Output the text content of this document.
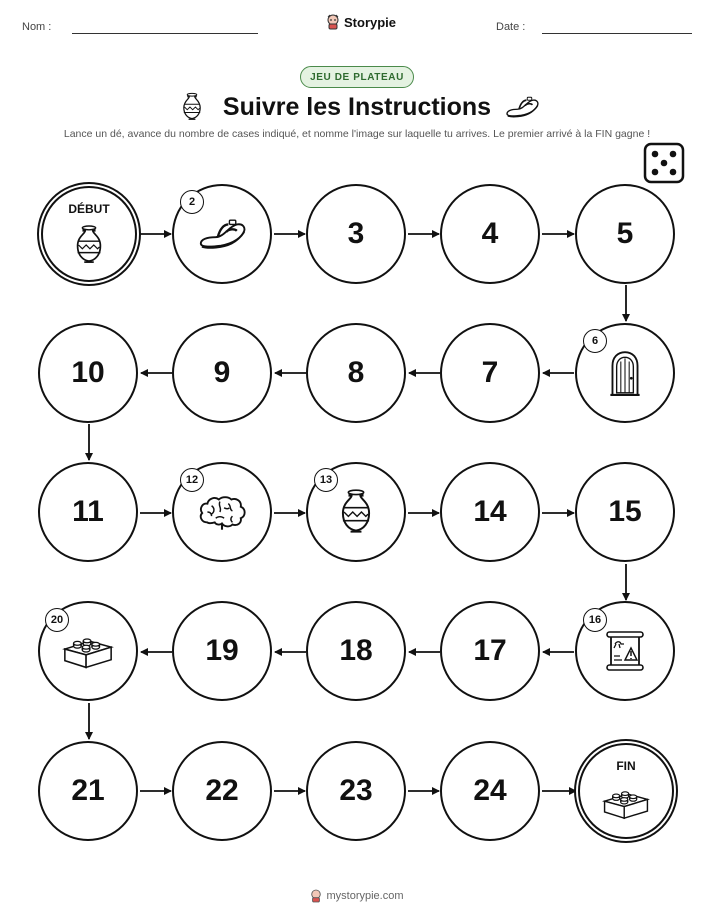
Nom :	Storypie	Date :
JEU DE PLATEAU
Suivre les Instructions
Lance un dé, avance du nombre de cases indiqué, et nomme l'image sur laquelle tu arrives. Le premier arrivé à la FIN gagne !
DÉBUT	2
3	4	5
10	9	8	7
6
11
12	13
14	15
20
19	18	17
16
21	22	23	24
FIN
mystorypie.com
